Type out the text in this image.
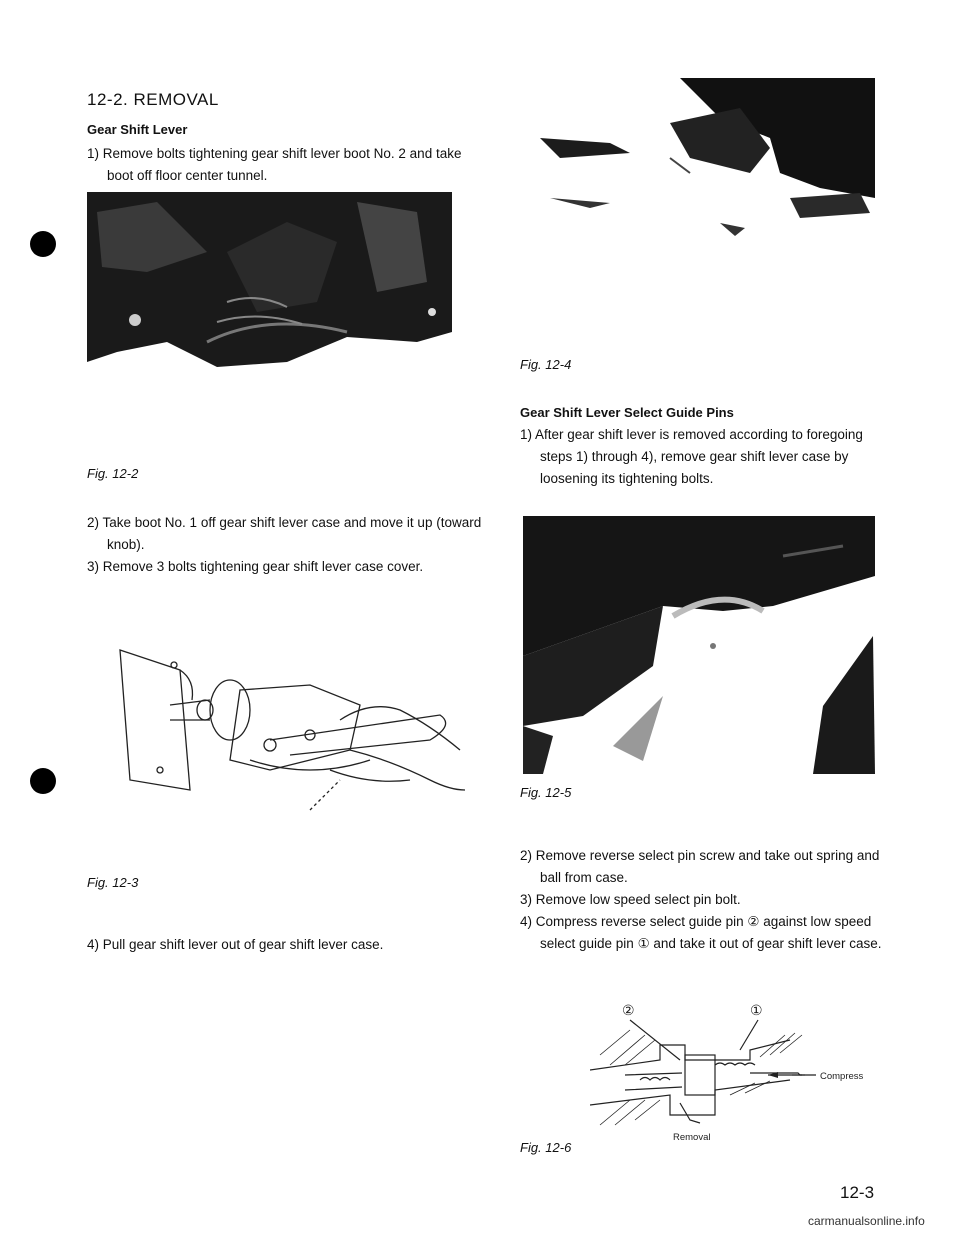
12-2. REMOVAL
Gear Shift Lever
1) Remove bolts tightening gear shift lever boot No. 2 and take boot off floor center tunnel.
Fig. 12-2
2) Take boot No. 1 off gear shift lever case and move it up (toward knob).
3) Remove 3 bolts tightening gear shift lever case cover.
Fig. 12-3
4) Pull gear shift lever out of gear shift lever case.
Fig. 12-4
Gear Shift Lever Select Guide Pins
1) After gear shift lever is removed according to foregoing steps 1) through 4), remove gear shift lever case by loosening its tightening bolts.
Fig. 12-5
2) Remove reverse select pin screw and take out spring and ball from case.
3) Remove low speed select pin bolt.
4) Compress reverse select guide pin ② against low speed select guide pin ① and take it out of gear shift lever case.
②	①
Compress
Removal
Fig. 12-6
12-3
carmanualsonline.info
